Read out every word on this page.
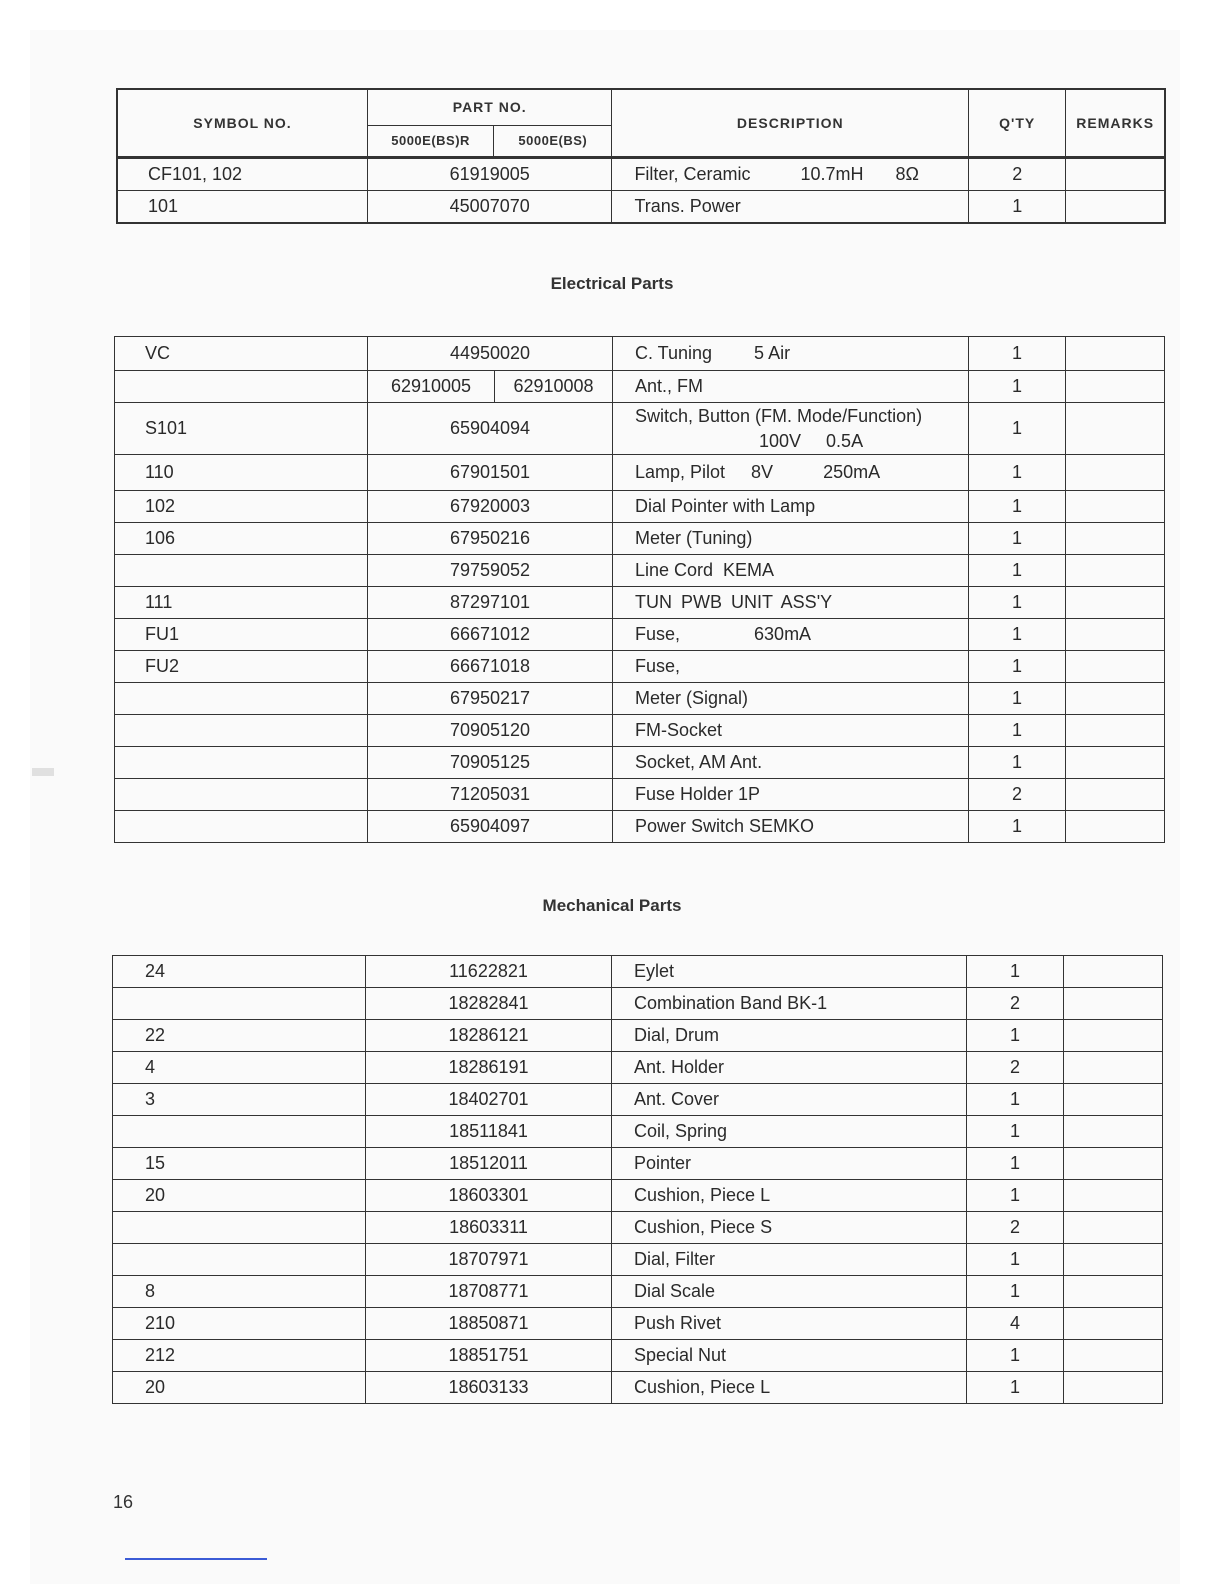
SYMBOL NO.	PART NO.		DESCRIPTION	Q'TY	REMARKS
	5000E(BS)R	5000E(BS)			
CF101, 102	61919005		Filter, Ceramic 10.7mH 8Ω	2	
101	45007070		Trans. Power	1	
Electrical Parts
VC	44950020		C. Tuning 5 Air	1	
	62910005	62910008	Ant., FM	1	
S101	65904094		Switch, Button (FM. Mode/Function)
100V     0.5A	1	
110	67901501		Lamp, Pilot 8V 250mA	1	
102	67920003		Dial Pointer with Lamp	1	
106	67950216		Meter (Tuning)	1	
	79759052		Line Cord  KEMA	1	
111	87297101		TUN PWB UNIT ASS'Y	1	
FU1	66671012		Fuse, 630mA	1	
FU2	66671018		Fuse,	1	
	67950217		Meter (Signal)	1	
	70905120		FM-Socket	1	
	70905125		Socket, AM Ant.	1	
	71205031		Fuse Holder 1P	2	
	65904097		Power Switch SEMKO	1	
Mechanical Parts
24	11622821	Eylet	1	
	18282841	Combination Band BK-1	2	
22	18286121	Dial, Drum	1	
4	18286191	Ant. Holder	2	
3	18402701	Ant. Cover	1	
	18511841	Coil, Spring	1	
15	18512011	Pointer	1	
20	18603301	Cushion, Piece L	1	
	18603311	Cushion, Piece S	2	
	18707971	Dial, Filter	1	
8	18708771	Dial Scale	1	
210	18850871	Push Rivet	4	
212	18851751	Special Nut	1	
20	18603133	Cushion, Piece L	1	
16
